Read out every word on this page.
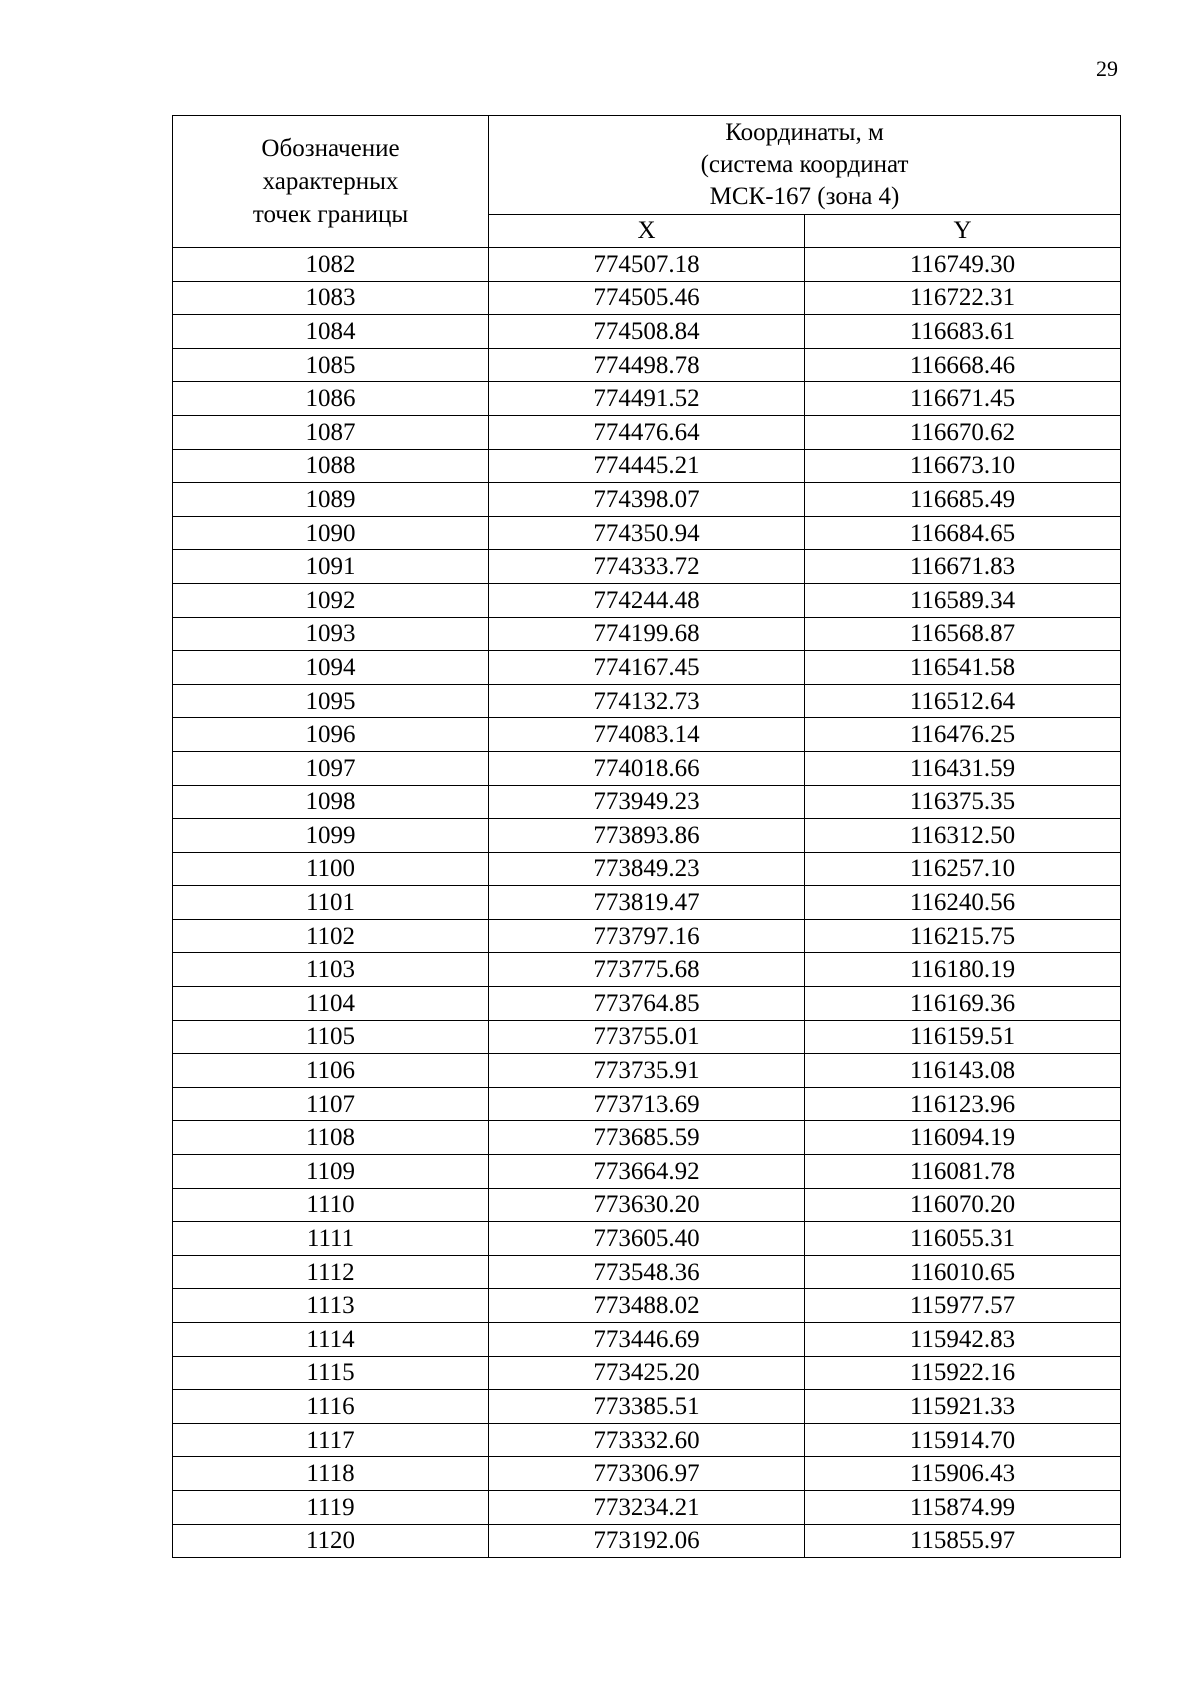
29
Обозначение
характерных
точек границы	Координаты, м
(система координат
МСК-167 (зона 4)	
	X	Y
1082	774507.18	116749.30
1083	774505.46	116722.31
1084	774508.84	116683.61
1085	774498.78	116668.46
1086	774491.52	116671.45
1087	774476.64	116670.62
1088	774445.21	116673.10
1089	774398.07	116685.49
1090	774350.94	116684.65
1091	774333.72	116671.83
1092	774244.48	116589.34
1093	774199.68	116568.87
1094	774167.45	116541.58
1095	774132.73	116512.64
1096	774083.14	116476.25
1097	774018.66	116431.59
1098	773949.23	116375.35
1099	773893.86	116312.50
1100	773849.23	116257.10
1101	773819.47	116240.56
1102	773797.16	116215.75
1103	773775.68	116180.19
1104	773764.85	116169.36
1105	773755.01	116159.51
1106	773735.91	116143.08
1107	773713.69	116123.96
1108	773685.59	116094.19
1109	773664.92	116081.78
1110	773630.20	116070.20
1111	773605.40	116055.31
1112	773548.36	116010.65
1113	773488.02	115977.57
1114	773446.69	115942.83
1115	773425.20	115922.16
1116	773385.51	115921.33
1117	773332.60	115914.70
1118	773306.97	115906.43
1119	773234.21	115874.99
1120	773192.06	115855.97
